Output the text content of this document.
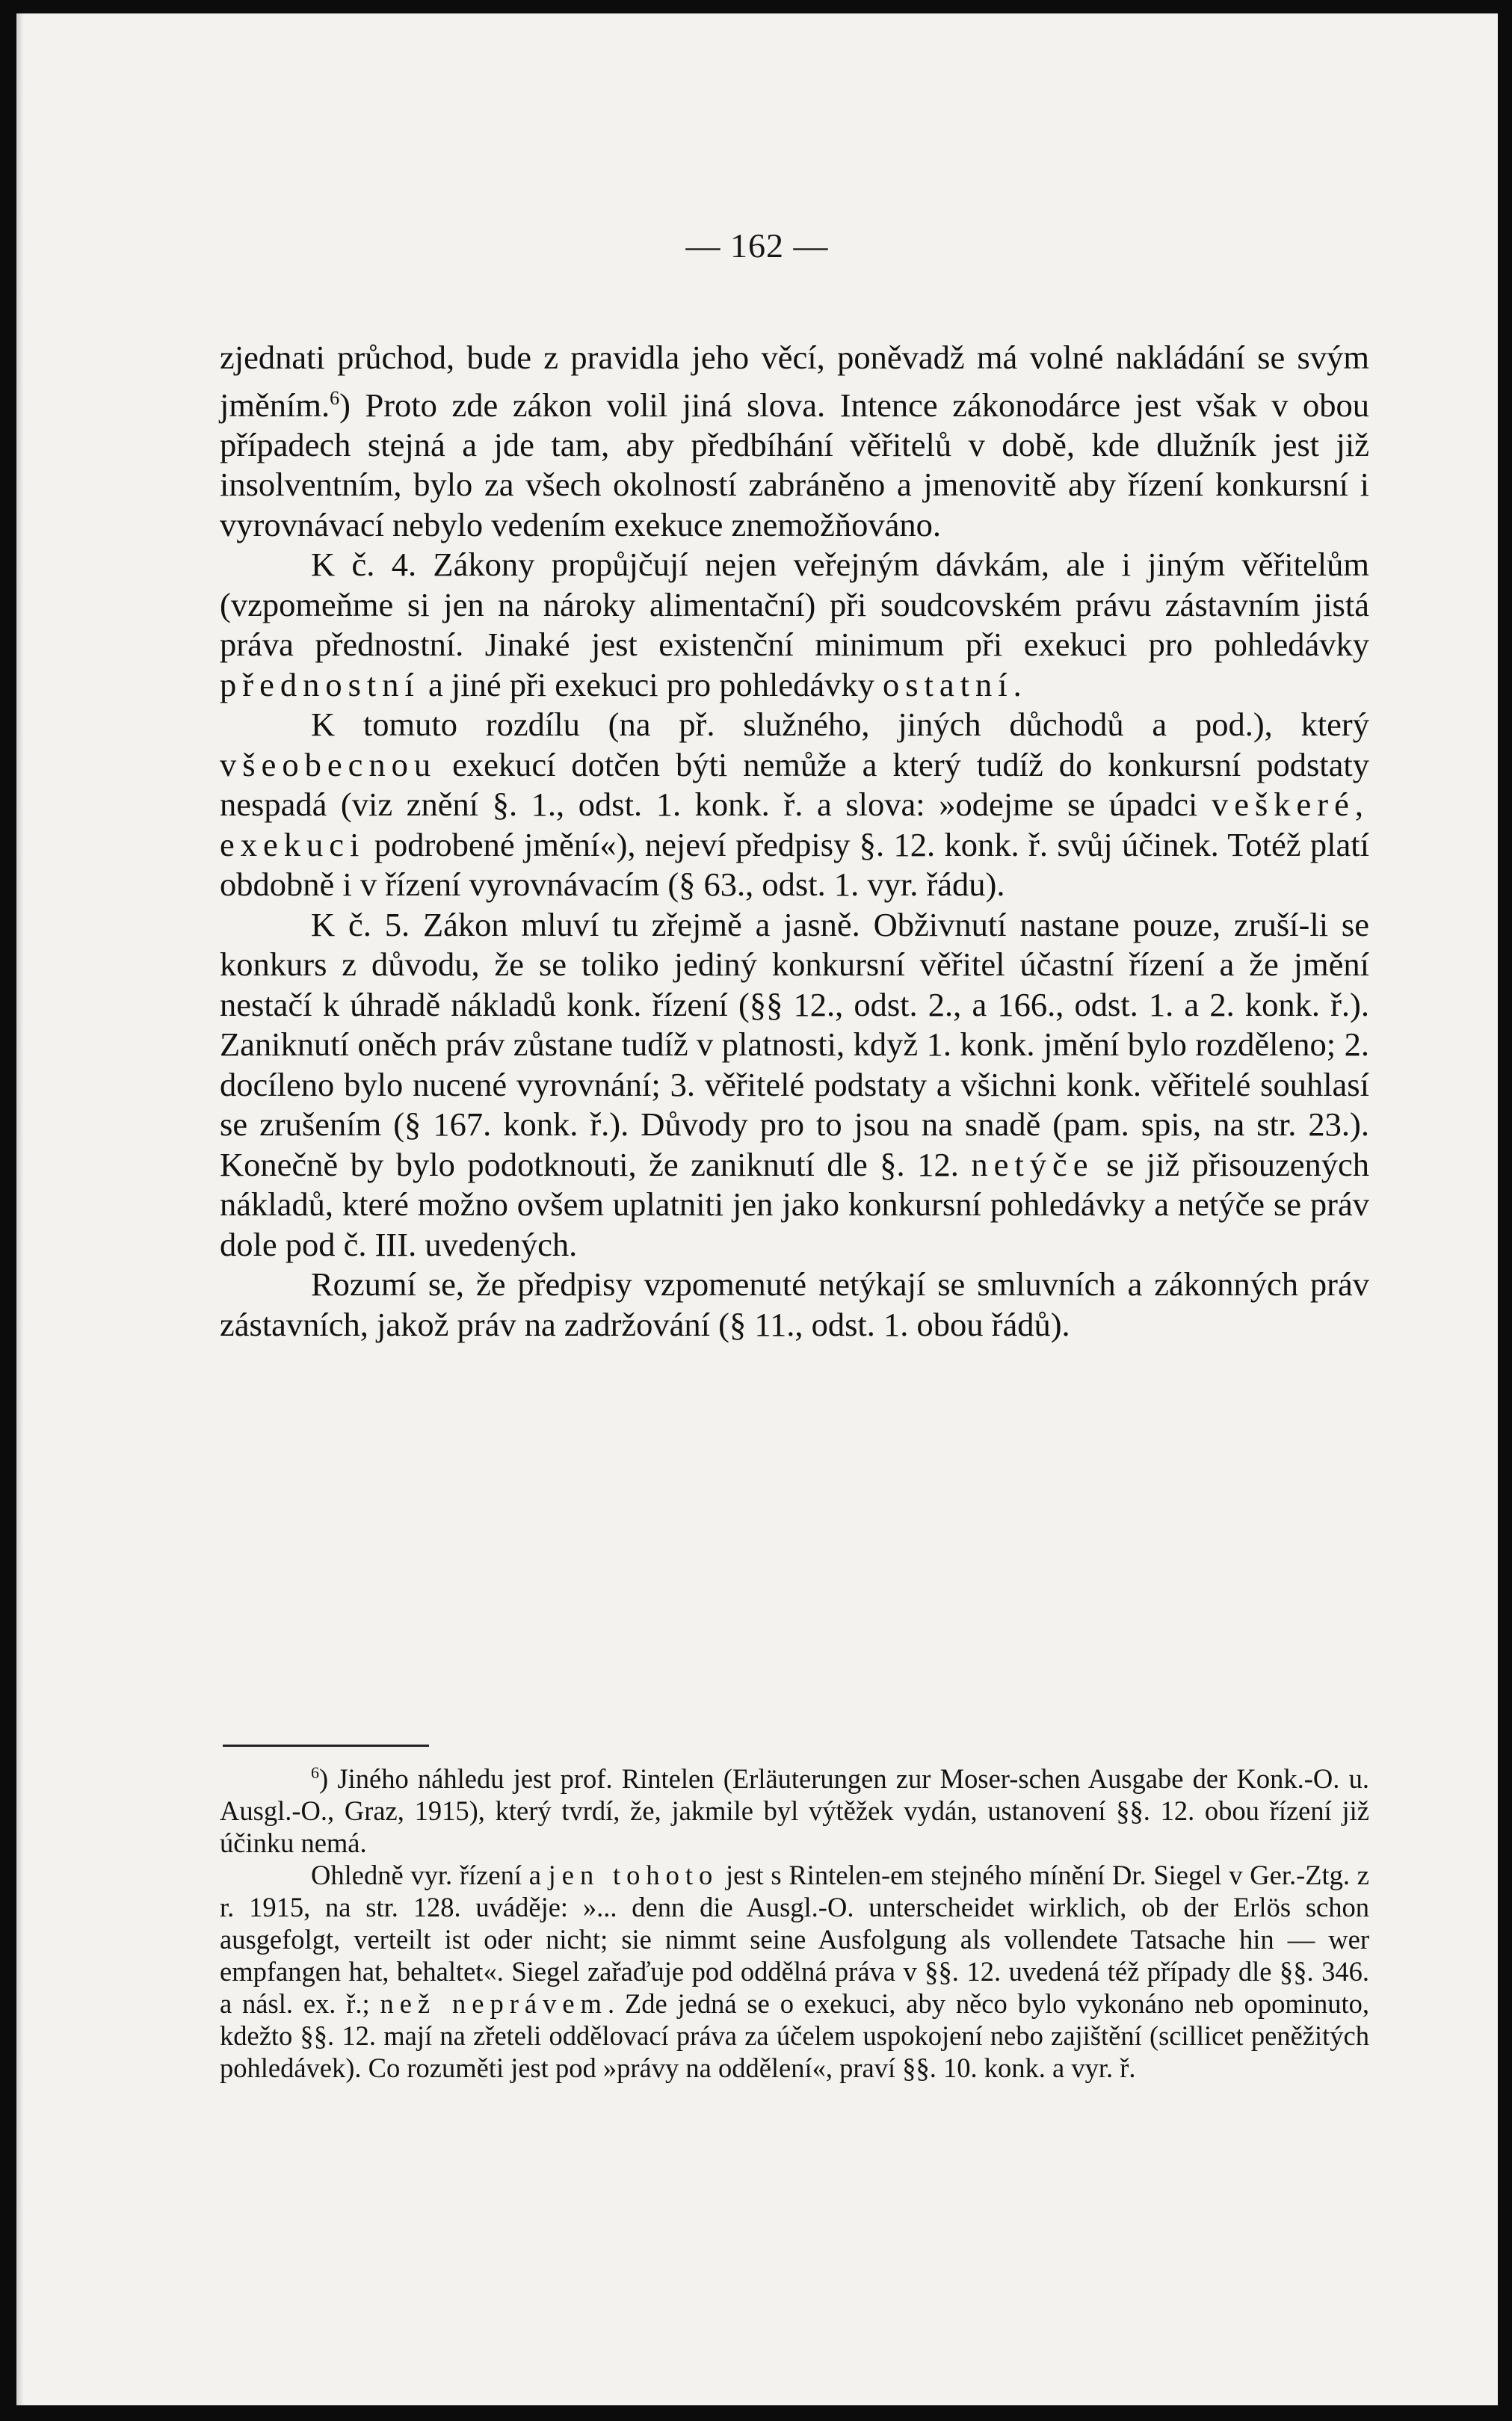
— 162 —

zjednati průchod, bude z pravidla jeho věcí, poněvadž má volné nakládání se svým jměním.$^6$) Proto zde zákon volil jiná slova. Intence zákonodárce jest však v obou případech stejná a jde tam, aby předbíhání věřitelů v době, kde dlužník jest již insolventním, bylo za všech okolností zabráněno a jmenovitě aby řízení konkursní i vyrovnávací nebylo vedením exekuce znemožňováno.

K č. 4. Zákony propůjčují nejen veřejným dávkám, ale i jiným věřitelům (vzpomeňme si jen na nároky alimentační) při soudcovském právu zástavním jistá práva přednostní. Jinaké jest existenční minimum při exekuci pro pohledávky přednostní a jiné při exekuci pro pohledávky ostatní.

K tomuto rozdílu (na př. služného, jiných důchodů a pod.), který všeobecnou exekucí dotčen býti nemůže a který tudíž do konkursní podstaty nespadá (viz znění §. 1., odst. 1. konk. ř. a slova: »odejme se úpadci veškeré, exekuci podrobené jmění«), nejeví předpisy §. 12. konk. ř. svůj účinek. Totéž platí obdobně i v řízení vyrovnávacím (§ 63., odst. 1. vyr. řádu).

K č. 5. Zákon mluví tu zřejmě a jasně. Obživnutí nastane pouze, zruší-li se konkurs z důvodu, že se toliko jediný konkursní věřitel účastní řízení a že jmění nestačí k úhradě nákladů konk. řízení (§§ 12., odst. 2., a 166., odst. 1. a 2. konk. ř.). Zaniknutí oněch práv zůstane tudíž v platnosti, když 1. konk. jmění bylo rozděleno; 2. docíleno bylo nucené vyrovnání; 3. věřitelé podstaty a všichni konk. věřitelé souhlasí se zrušením (§ 167. konk. ř.). Důvody pro to jsou na snadě (pam. spis, na str. 23.). Konečně by bylo podotknouti, že zaniknutí dle §. 12. netýče se již přisouzených nákladů, které možno ovšem uplatniti jen jako konkursní pohledávky a netýče se práv dole pod č. III. uvedených.

Rozumí se, že předpisy vzpomenuté netýkají se smluvních a zákonných práv zástavních, jakož práv na zadržování (§ 11., odst. 1. obou řádů).

$^6$) Jiného náhledu jest prof. Rintelen (Erläuterungen zur Moser-schen Ausgabe der Konk.-O. u. Ausgl.-O., Graz, 1915), který tvrdí, že, jakmile byl výtěžek vydán, ustanovení §§. 12. obou řízení již účinku nemá.

Ohledně vyr. řízení a jen tohoto jest s Rintelen-em stejného mínění Dr. Siegel v Ger.-Ztg. z r. 1915, na str. 128. uváděje: »... denn die Ausgl.-O. unterscheidet wirklich, ob der Erlös schon ausgefolgt, verteilt ist oder nicht; sie nimmt seine Ausfolgung als vollendete Tatsache hin — wer empfangen hat, behaltet«. Siegel zařaďuje pod oddělná práva v §§. 12. uvedená též případy dle §§. 346. a násl. ex. ř.; než neprávem. Zde jedná se o exekuci, aby něco bylo vykonáno neb opominuto, kdežto §§. 12. mají na zřeteli oddělovací práva za účelem uspokojení nebo zajištění (scillicet peněžitých pohledávek). Co rozuměti jest pod »právy na oddělení«, praví §§. 10. konk. a vyr. ř.
